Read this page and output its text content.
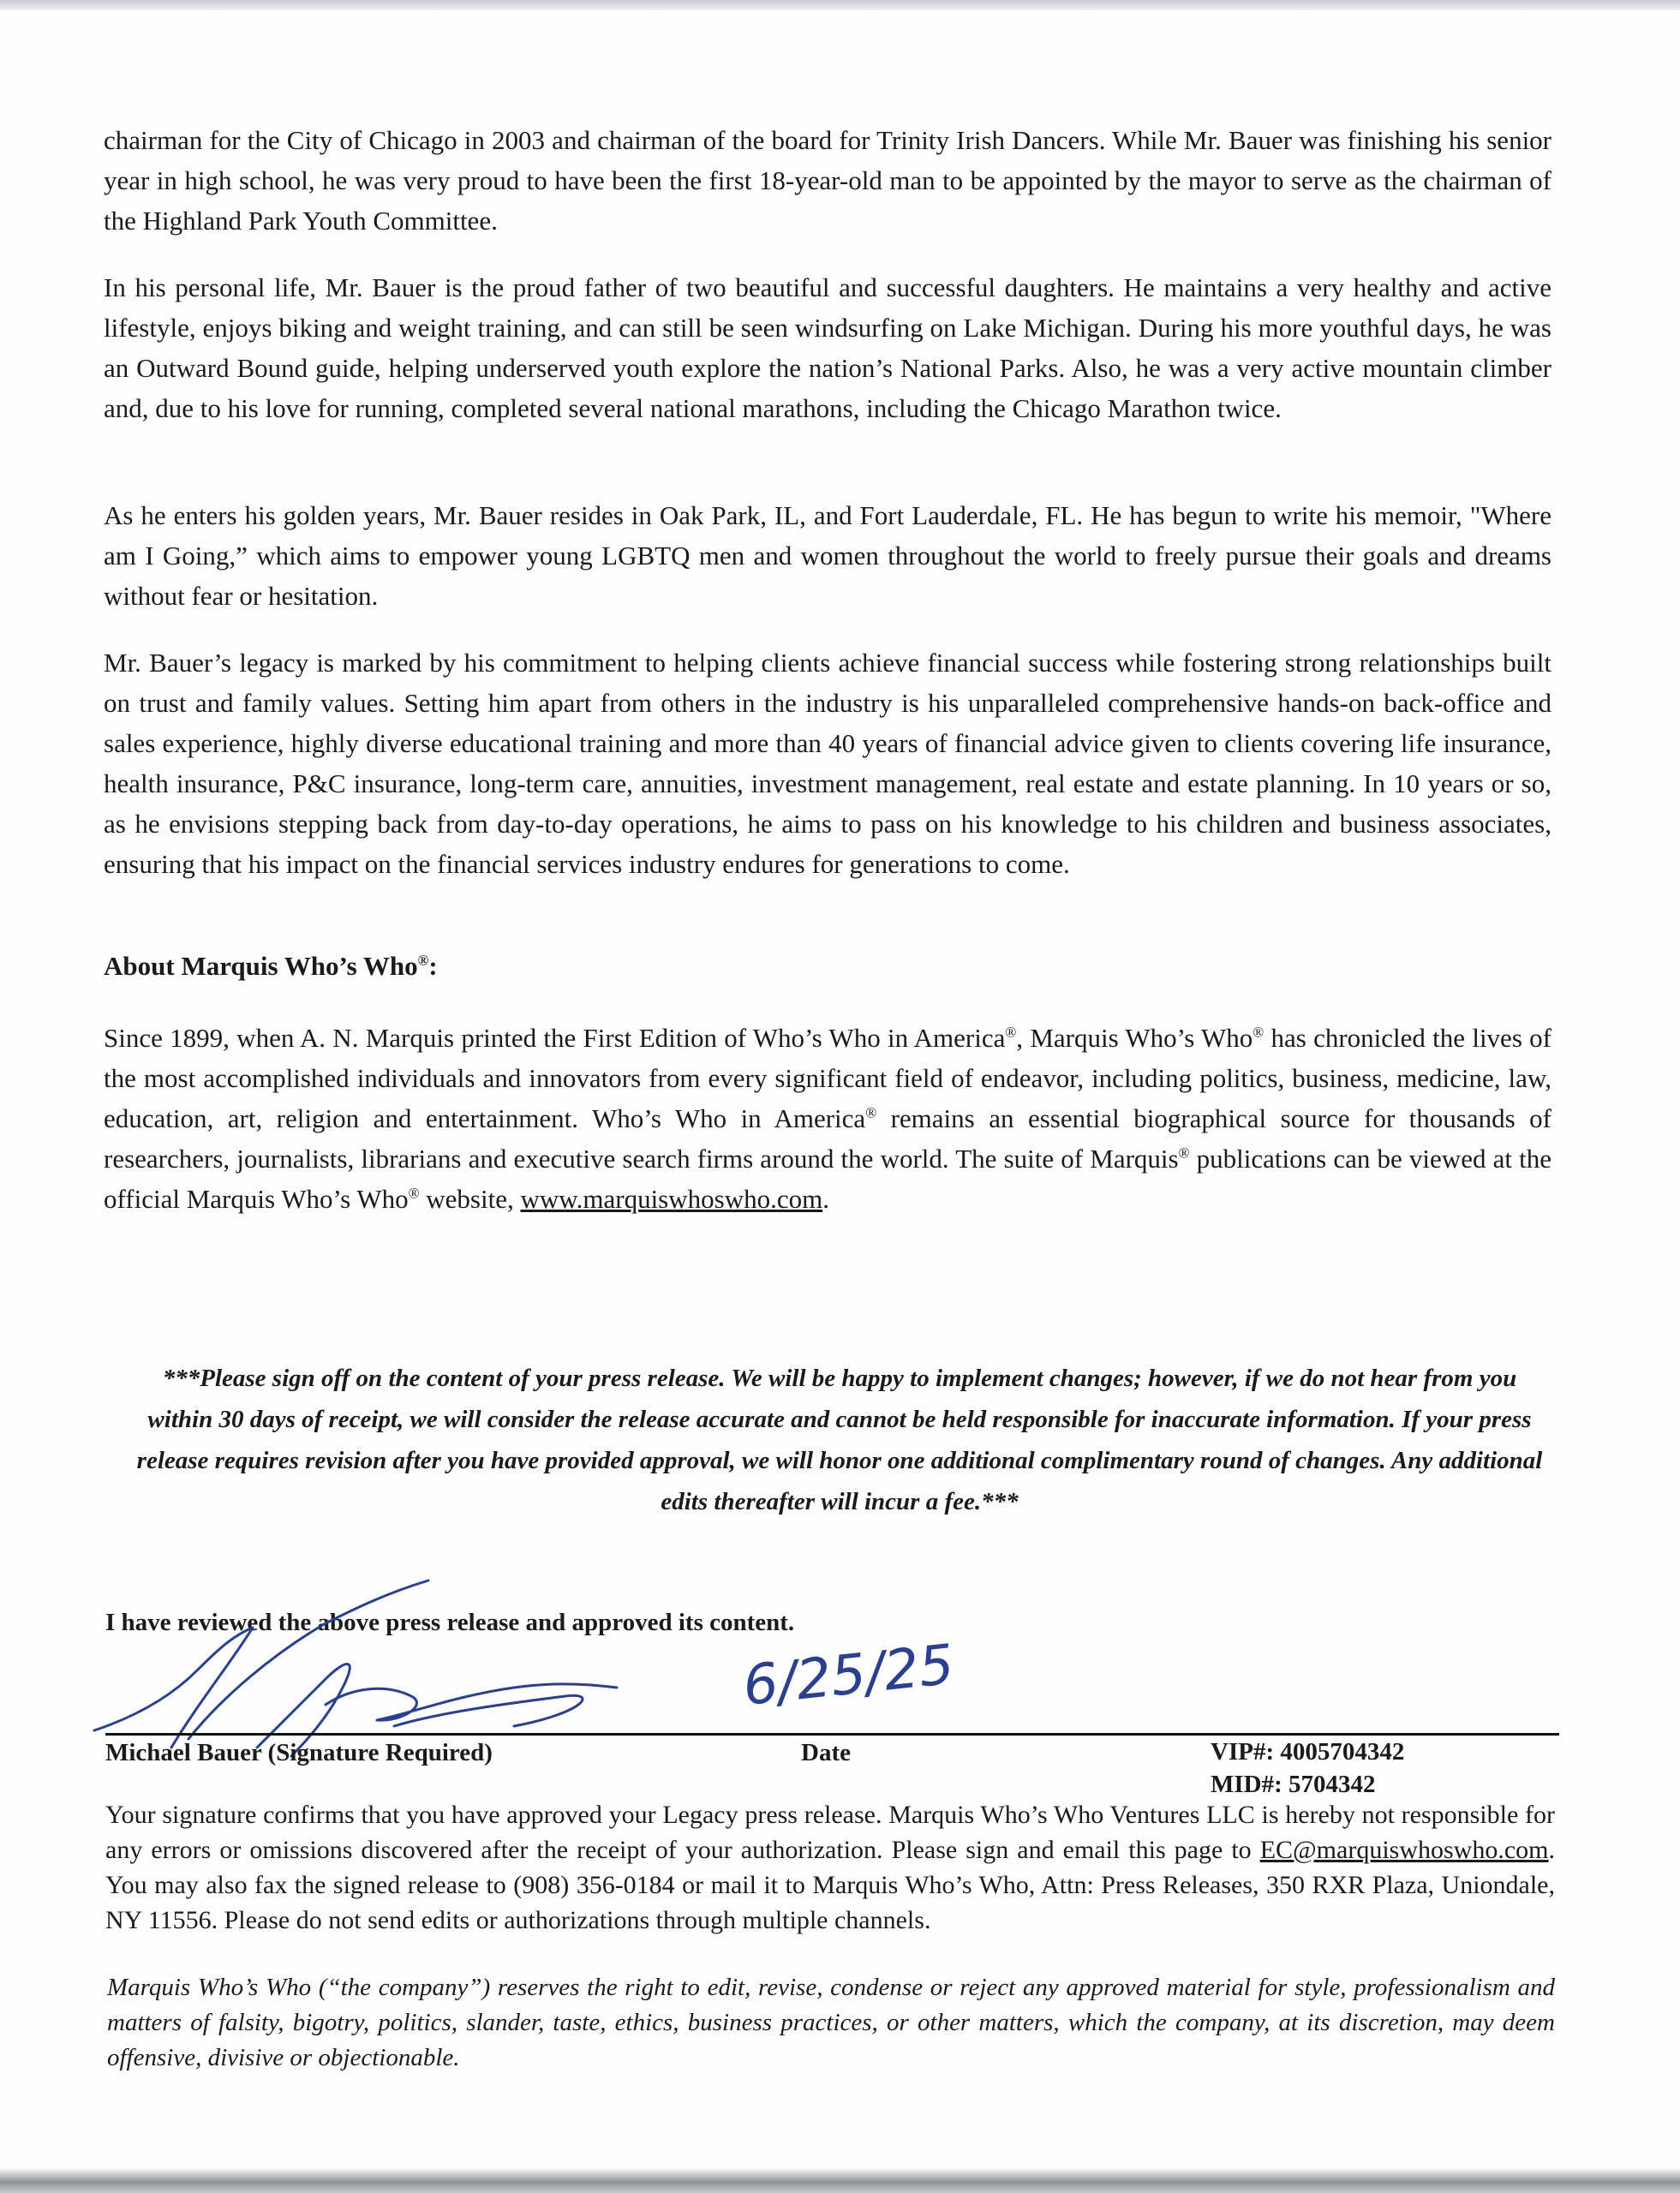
chairman for the City of Chicago in 2003 and chairman of the board for Trinity Irish Dancers. While Mr. Bauer was finishing his senior year in high school, he was very proud to have been the first 18-year-old man to be appointed by the mayor to serve as the chairman of the Highland Park Youth Committee.

In his personal life, Mr. Bauer is the proud father of two beautiful and successful daughters. He maintains a very healthy and active lifestyle, enjoys biking and weight training, and can still be seen windsurfing on Lake Michigan. During his more youthful days, he was an Outward Bound guide, helping underserved youth explore the nation’s National Parks. Also, he was a very active mountain climber and, due to his love for running, completed several national marathons, including the Chicago Marathon twice.

As he enters his golden years, Mr. Bauer resides in Oak Park, IL, and Fort Lauderdale, FL. He has begun to write his memoir, "Where am I Going,” which aims to empower young LGBTQ men and women throughout the world to freely pursue their goals and dreams without fear or hesitation.

Mr. Bauer’s legacy is marked by his commitment to helping clients achieve financial success while fostering strong relationships built on trust and family values. Setting him apart from others in the industry is his unparalleled comprehensive hands-on back-office and sales experience, highly diverse educational training and more than 40 years of financial advice given to clients covering life insurance, health insurance, P&C insurance, long-term care, annuities, investment management, real estate and estate planning. In 10 years or so, as he envisions stepping back from day-to-day operations, he aims to pass on his knowledge to his children and business associates, ensuring that his impact on the financial services industry endures for generations to come.

About Marquis Who’s Who®:

Since 1899, when A. N. Marquis printed the First Edition of Who’s Who in America®, Marquis Who’s Who® has chronicled the lives of the most accomplished individuals and innovators from every significant field of endeavor, including politics, business, medicine, law, education, art, religion and entertainment. Who’s Who in America® remains an essential biographical source for thousands of researchers, journalists, librarians and executive search firms around the world. The suite of Marquis® publications can be viewed at the official Marquis Who’s Who® website, www.marquiswhoswho.com.

***Please sign off on the content of your press release. We will be happy to implement changes; however, if we do not hear from you within 30 days of receipt, we will consider the release accurate and cannot be held responsible for inaccurate information. If your press release requires revision after you have provided approval, we will honor one additional complimentary round of changes. Any additional edits thereafter will incur a fee.***

I have reviewed the above press release and approved its content.

6/25/25

Michael Bauer (Signature Required)	Date	VIP#: 4005704342
MID#: 5704342

Your signature confirms that you have approved your Legacy press release. Marquis Who’s Who Ventures LLC is hereby not responsible for any errors or omissions discovered after the receipt of your authorization. Please sign and email this page to EC@marquiswhoswho.com. You may also fax the signed release to (908) 356-0184 or mail it to Marquis Who’s Who, Attn: Press Releases, 350 RXR Plaza, Uniondale, NY 11556. Please do not send edits or authorizations through multiple channels.

Marquis Who’s Who (“the company”) reserves the right to edit, revise, condense or reject any approved material for style, professionalism and matters of falsity, bigotry, politics, slander, taste, ethics, business practices, or other matters, which the company, at its discretion, may deem offensive, divisive or objectionable.
